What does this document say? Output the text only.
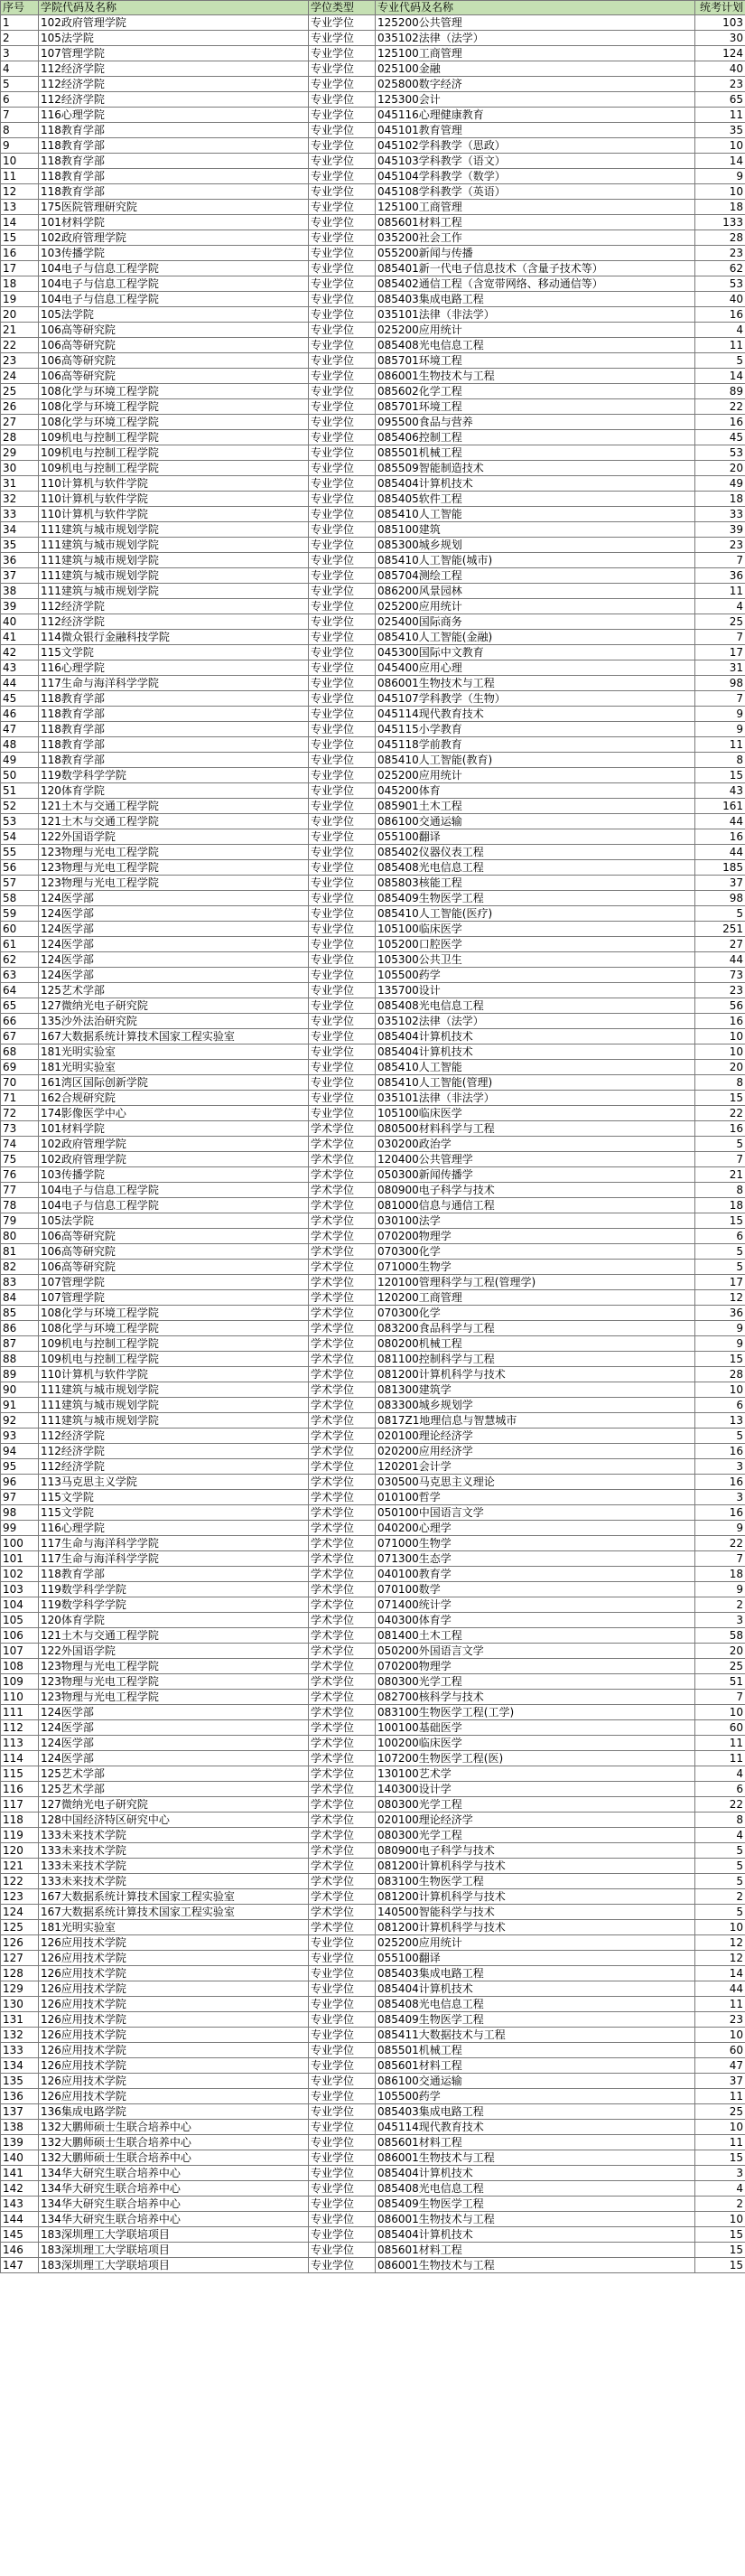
序号	学院代码及名称	学位类型	专业代码及名称	统考计划
1	102政府管理学院	专业学位	125200公共管理	103
2	105法学院	专业学位	035102法律（法学）	30
3	107管理学院	专业学位	125100工商管理	124
4	112经济学院	专业学位	025100金融	40
5	112经济学院	专业学位	025800数字经济	23
6	112经济学院	专业学位	125300会计	65
7	116心理学院	专业学位	045116心理健康教育	11
8	118教育学部	专业学位	045101教育管理	35
9	118教育学部	专业学位	045102学科教学（思政）	10
10	118教育学部	专业学位	045103学科教学（语文）	14
11	118教育学部	专业学位	045104学科教学（数学）	9
12	118教育学部	专业学位	045108学科教学（英语）	10
13	175医院管理研究院	专业学位	125100工商管理	18
14	101材料学院	专业学位	085601材料工程	133
15	102政府管理学院	专业学位	035200社会工作	28
16	103传播学院	专业学位	055200新闻与传播	23
17	104电子与信息工程学院	专业学位	085401新一代电子信息技术（含量子技术等）	62
18	104电子与信息工程学院	专业学位	085402通信工程（含宽带网络、移动通信等）	53
19	104电子与信息工程学院	专业学位	085403集成电路工程	40
20	105法学院	专业学位	035101法律（非法学）	16
21	106高等研究院	专业学位	025200应用统计	4
22	106高等研究院	专业学位	085408光电信息工程	11
23	106高等研究院	专业学位	085701环境工程	5
24	106高等研究院	专业学位	086001生物技术与工程	14
25	108化学与环境工程学院	专业学位	085602化学工程	89
26	108化学与环境工程学院	专业学位	085701环境工程	22
27	108化学与环境工程学院	专业学位	095500食品与营养	16
28	109机电与控制工程学院	专业学位	085406控制工程	45
29	109机电与控制工程学院	专业学位	085501机械工程	53
30	109机电与控制工程学院	专业学位	085509智能制造技术	20
31	110计算机与软件学院	专业学位	085404计算机技术	49
32	110计算机与软件学院	专业学位	085405软件工程	18
33	110计算机与软件学院	专业学位	085410人工智能	33
34	111建筑与城市规划学院	专业学位	085100建筑	39
35	111建筑与城市规划学院	专业学位	085300城乡规划	23
36	111建筑与城市规划学院	专业学位	085410人工智能(城市)	7
37	111建筑与城市规划学院	专业学位	085704测绘工程	36
38	111建筑与城市规划学院	专业学位	086200风景园林	11
39	112经济学院	专业学位	025200应用统计	4
40	112经济学院	专业学位	025400国际商务	25
41	114微众银行金融科技学院	专业学位	085410人工智能(金融)	7
42	115文学院	专业学位	045300国际中文教育	17
43	116心理学院	专业学位	045400应用心理	31
44	117生命与海洋科学学院	专业学位	086001生物技术与工程	98
45	118教育学部	专业学位	045107学科教学（生物）	7
46	118教育学部	专业学位	045114现代教育技术	9
47	118教育学部	专业学位	045115小学教育	9
48	118教育学部	专业学位	045118学前教育	11
49	118教育学部	专业学位	085410人工智能(教育)	8
50	119数学科学学院	专业学位	025200应用统计	15
51	120体育学院	专业学位	045200体育	43
52	121土木与交通工程学院	专业学位	085901土木工程	161
53	121土木与交通工程学院	专业学位	086100交通运输	44
54	122外国语学院	专业学位	055100翻译	16
55	123物理与光电工程学院	专业学位	085402仪器仪表工程	44
56	123物理与光电工程学院	专业学位	085408光电信息工程	185
57	123物理与光电工程学院	专业学位	085803核能工程	37
58	124医学部	专业学位	085409生物医学工程	98
59	124医学部	专业学位	085410人工智能(医疗)	5
60	124医学部	专业学位	105100临床医学	251
61	124医学部	专业学位	105200口腔医学	27
62	124医学部	专业学位	105300公共卫生	44
63	124医学部	专业学位	105500药学	73
64	125艺术学部	专业学位	135700设计	23
65	127微纳光电子研究院	专业学位	085408光电信息工程	56
66	135沙外法治研究院	专业学位	035102法律（法学）	16
67	167大数据系统计算技术国家工程实验室	专业学位	085404计算机技术	10
68	181光明实验室	专业学位	085404计算机技术	10
69	181光明实验室	专业学位	085410人工智能	20
70	161湾区国际创新学院	专业学位	085410人工智能(管理)	8
71	162合规研究院	专业学位	035101法律（非法学）	15
72	174影像医学中心	专业学位	105100临床医学	22
73	101材料学院	学术学位	080500材料科学与工程	16
74	102政府管理学院	学术学位	030200政治学	5
75	102政府管理学院	学术学位	120400公共管理学	7
76	103传播学院	学术学位	050300新闻传播学	21
77	104电子与信息工程学院	学术学位	080900电子科学与技术	8
78	104电子与信息工程学院	学术学位	081000信息与通信工程	18
79	105法学院	学术学位	030100法学	15
80	106高等研究院	学术学位	070200物理学	6
81	106高等研究院	学术学位	070300化学	5
82	106高等研究院	学术学位	071000生物学	5
83	107管理学院	学术学位	120100管理科学与工程(管理学)	17
84	107管理学院	学术学位	120200工商管理	12
85	108化学与环境工程学院	学术学位	070300化学	36
86	108化学与环境工程学院	学术学位	083200食品科学与工程	9
87	109机电与控制工程学院	学术学位	080200机械工程	9
88	109机电与控制工程学院	学术学位	081100控制科学与工程	15
89	110计算机与软件学院	学术学位	081200计算机科学与技术	28
90	111建筑与城市规划学院	学术学位	081300建筑学	10
91	111建筑与城市规划学院	学术学位	083300城乡规划学	6
92	111建筑与城市规划学院	学术学位	0817Z1地理信息与智慧城市	13
93	112经济学院	学术学位	020100理论经济学	5
94	112经济学院	学术学位	020200应用经济学	16
95	112经济学院	学术学位	120201会计学	3
96	113马克思主义学院	学术学位	030500马克思主义理论	16
97	115文学院	学术学位	010100哲学	3
98	115文学院	学术学位	050100中国语言文学	16
99	116心理学院	学术学位	040200心理学	9
100	117生命与海洋科学学院	学术学位	071000生物学	22
101	117生命与海洋科学学院	学术学位	071300生态学	7
102	118教育学部	学术学位	040100教育学	18
103	119数学科学学院	学术学位	070100数学	9
104	119数学科学学院	学术学位	071400统计学	2
105	120体育学院	学术学位	040300体育学	3
106	121土木与交通工程学院	学术学位	081400土木工程	58
107	122外国语学院	学术学位	050200外国语言文学	20
108	123物理与光电工程学院	学术学位	070200物理学	25
109	123物理与光电工程学院	学术学位	080300光学工程	51
110	123物理与光电工程学院	学术学位	082700核科学与技术	7
111	124医学部	学术学位	083100生物医学工程(工学)	10
112	124医学部	学术学位	100100基础医学	60
113	124医学部	学术学位	100200临床医学	11
114	124医学部	学术学位	107200生物医学工程(医)	11
115	125艺术学部	学术学位	130100艺术学	4
116	125艺术学部	学术学位	140300设计学	6
117	127微纳光电子研究院	学术学位	080300光学工程	22
118	128中国经济特区研究中心	学术学位	020100理论经济学	8
119	133未来技术学院	学术学位	080300光学工程	4
120	133未来技术学院	学术学位	080900电子科学与技术	5
121	133未来技术学院	学术学位	081200计算机科学与技术	5
122	133未来技术学院	学术学位	083100生物医学工程	5
123	167大数据系统计算技术国家工程实验室	学术学位	081200计算机科学与技术	2
124	167大数据系统计算技术国家工程实验室	学术学位	140500智能科学与技术	5
125	181光明实验室	学术学位	081200计算机科学与技术	10
126	126应用技术学院	专业学位	025200应用统计	12
127	126应用技术学院	专业学位	055100翻译	12
128	126应用技术学院	专业学位	085403集成电路工程	14
129	126应用技术学院	专业学位	085404计算机技术	44
130	126应用技术学院	专业学位	085408光电信息工程	11
131	126应用技术学院	专业学位	085409生物医学工程	23
132	126应用技术学院	专业学位	085411大数据技术与工程	10
133	126应用技术学院	专业学位	085501机械工程	60
134	126应用技术学院	专业学位	085601材料工程	47
135	126应用技术学院	专业学位	086100交通运输	37
136	126应用技术学院	专业学位	105500药学	11
137	136集成电路学院	专业学位	085403集成电路工程	25
138	132大鹏师硕士生联合培养中心	专业学位	045114现代教育技术	10
139	132大鹏师硕士生联合培养中心	专业学位	085601材料工程	11
140	132大鹏师硕士生联合培养中心	专业学位	086001生物技术与工程	15
141	134华大研究生联合培养中心	专业学位	085404计算机技术	3
142	134华大研究生联合培养中心	专业学位	085408光电信息工程	4
143	134华大研究生联合培养中心	专业学位	085409生物医学工程	2
144	134华大研究生联合培养中心	专业学位	086001生物技术与工程	10
145	183深圳理工大学联培项目	专业学位	085404计算机技术	15
146	183深圳理工大学联培项目	专业学位	085601材料工程	15
147	183深圳理工大学联培项目	专业学位	086001生物技术与工程	15
